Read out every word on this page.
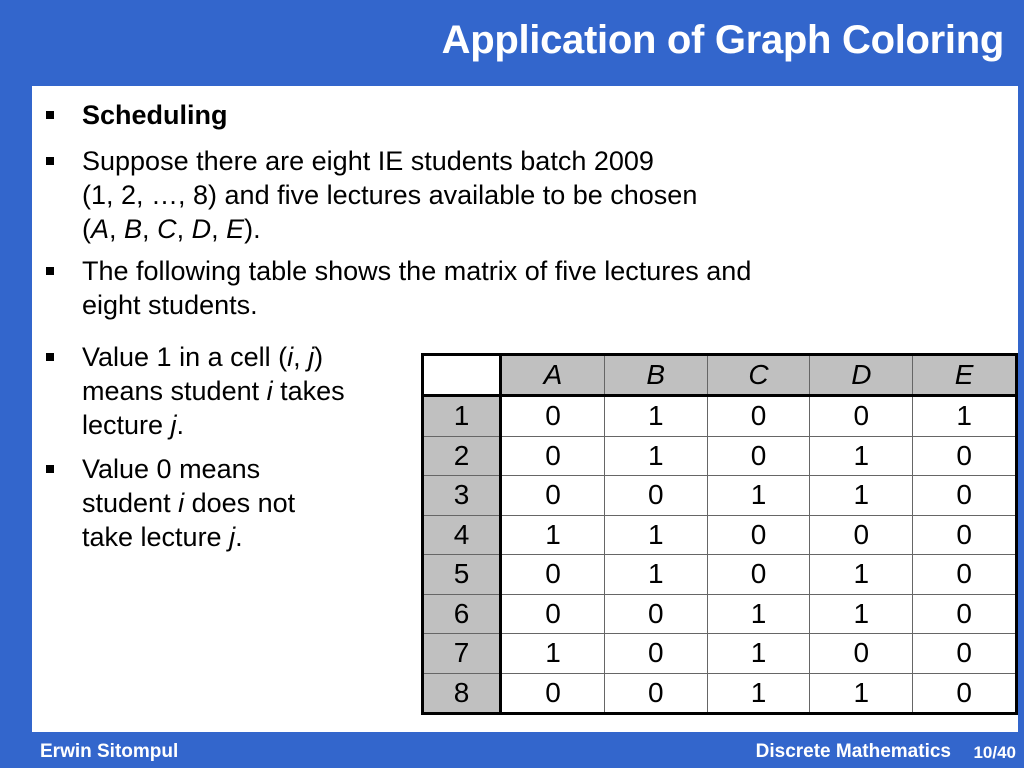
Application of Graph Coloring
Scheduling
Suppose there are eight IE students batch 2009
(1, 2, …, 8) and five lectures available to be chosen
(A, B, C, D, E).
The following table shows the matrix of five lectures and
eight students.
Value 1 in a cell (i, j)
means student i takes
lecture j.
Value 0 means
student i does not
take lecture j.
	A	B	C	D	E
1	0	1	0	0	1
2	0	1	0	1	0
3	0	0	1	1	0
4	1	1	0	0	0
5	0	1	0	1	0
6	0	0	1	1	0
7	1	0	1	0	0
8	0	0	1	1	0
Erwin Sitompul	Discrete Mathematics 10/40
